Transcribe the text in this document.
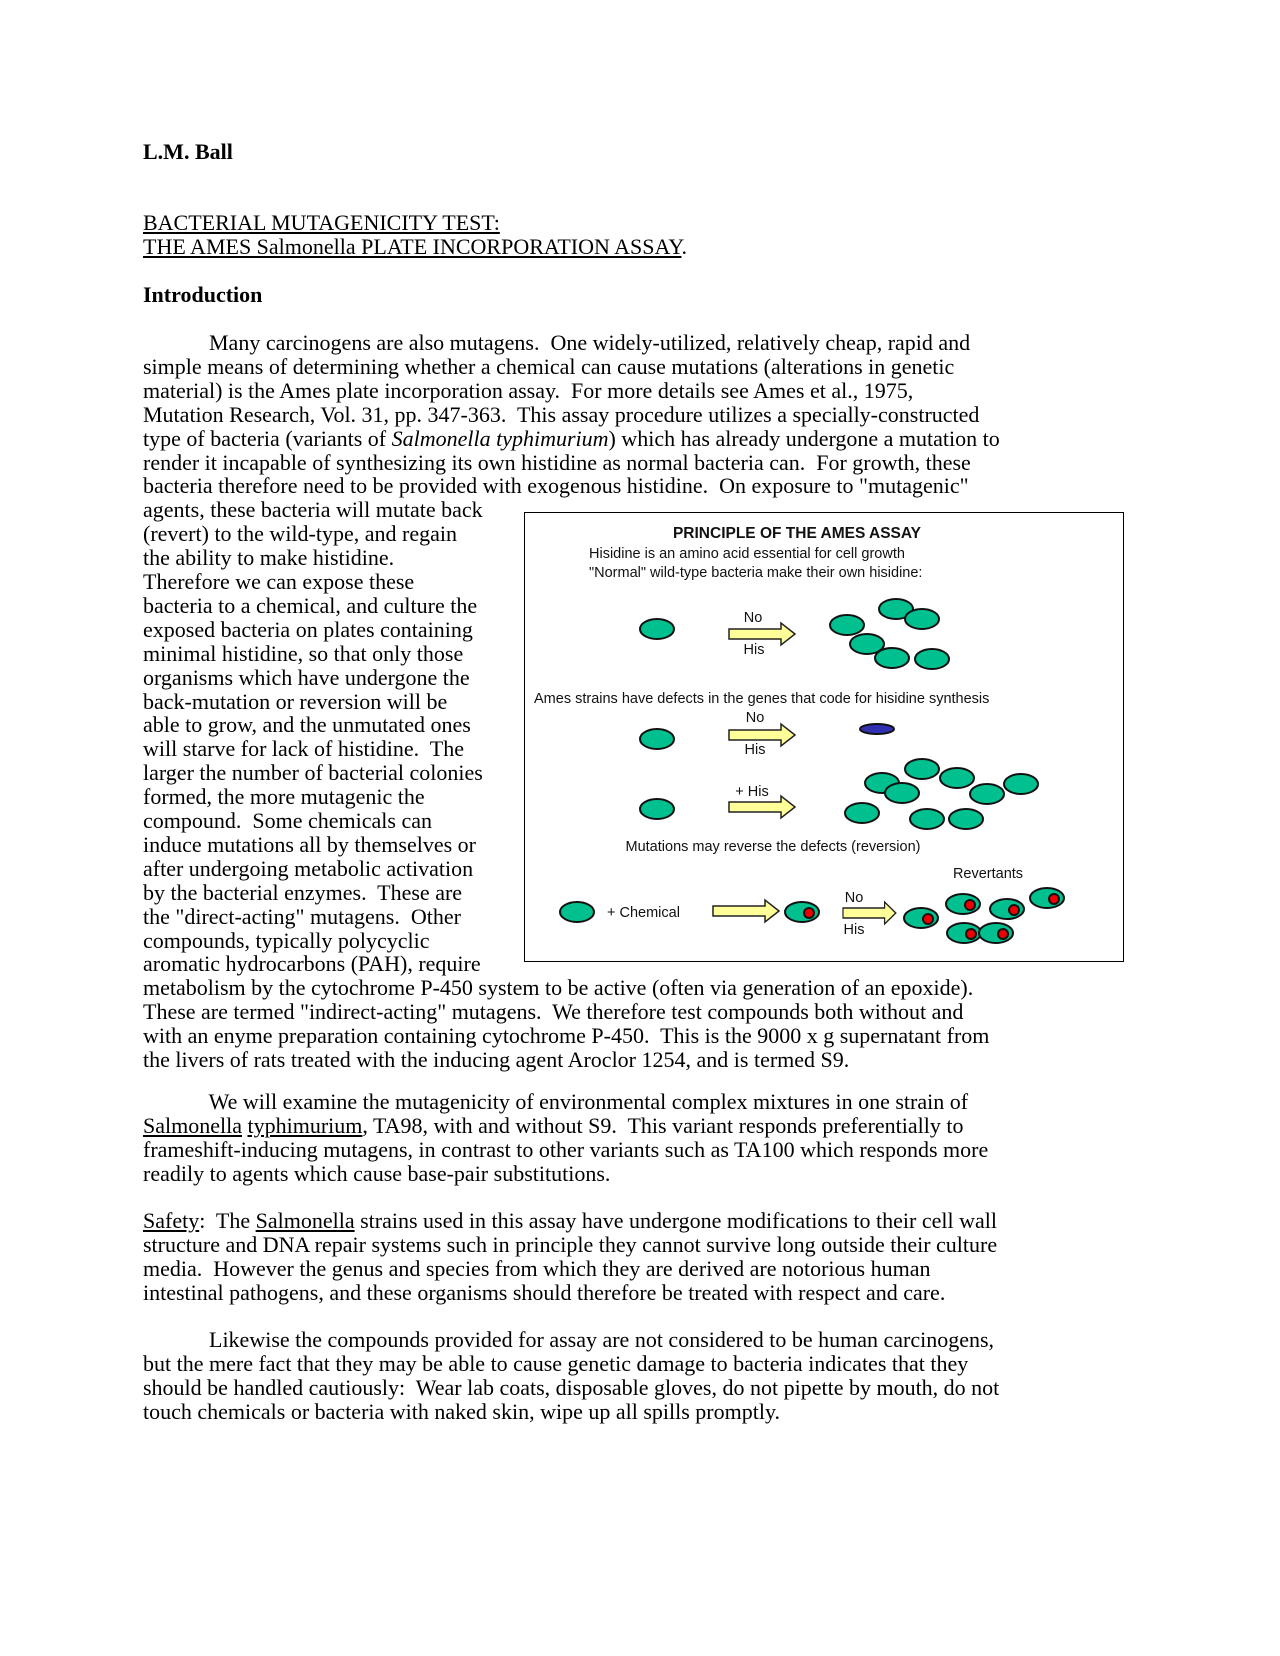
L.M. Ball
BACTERIAL MUTAGENICITY TEST:
THE AMES Salmonella PLATE INCORPORATION ASSAY.
Introduction
Many carcinogens are also mutagens.  One widely-utilized, relatively cheap, rapid and
simple means of determining whether a chemical can cause mutations (alterations in genetic
material) is the Ames plate incorporation assay.  For more details see Ames et al., 1975,
Mutation Research, Vol. 31, pp. 347-363.  This assay procedure utilizes a specially-constructed
type of bacteria (variants of Salmonella typhimurium) which has already undergone a mutation to
render it incapable of synthesizing its own histidine as normal bacteria can.  For growth, these
bacteria therefore need to be provided with exogenous histidine.  On exposure to "mutagenic"
agents, these bacteria will mutate back
(revert) to the wild-type, and regain
the ability to make histidine.
Therefore we can expose these
bacteria to a chemical, and culture the
exposed bacteria on plates containing
minimal histidine, so that only those
organisms which have undergone the
back-mutation or reversion will be
able to grow, and the unmutated ones
will starve for lack of histidine.  The
larger the number of bacterial colonies
formed, the more mutagenic the
compound.  Some chemicals can
induce mutations all by themselves or
after undergoing metabolic activation
by the bacterial enzymes.  These are
the "direct-acting" mutagens.  Other
compounds, typically polycyclic
aromatic hydrocarbons (PAH), require
metabolism by the cytochrome P-450 system to be active (often via generation of an epoxide).
These are termed "indirect-acting" mutagens.  We therefore test compounds both without and
with an enyme preparation containing cytochrome P-450.  This is the 9000 x g supernatant from
the livers of rats treated with the inducing agent Aroclor 1254, and is termed S9.
We will examine the mutagenicity of environmental complex mixtures in one strain of
Salmonella typhimurium, TA98, with and without S9.  This variant responds preferentially to
frameshift-inducing mutagens, in contrast to other variants such as TA100 which responds more
readily to agents which cause base-pair substitutions.
Safety:  The Salmonella strains used in this assay have undergone modifications to their cell wall
structure and DNA repair systems such in principle they cannot survive long outside their culture
media.  However the genus and species from which they are derived are notorious human
intestinal pathogens, and these organisms should therefore be treated with respect and care.
Likewise the compounds provided for assay are not considered to be human carcinogens,
but the mere fact that they may be able to cause genetic damage to bacteria indicates that they
should be handled cautiously:  Wear lab coats, disposable gloves, do not pipette by mouth, do not
touch chemicals or bacteria with naked skin, wipe up all spills promptly.
PRINCIPLE OF THE AMES ASSAY
Hisidine is an amino acid essential for cell growth
"Normal" wild-type bacteria make their own hisidine:
No
His
Ames strains have defects in the genes that code for hisidine synthesis
No
His
+ His
Mutations may reverse the defects (reversion)
Revertants
+ Chemical
No
His
